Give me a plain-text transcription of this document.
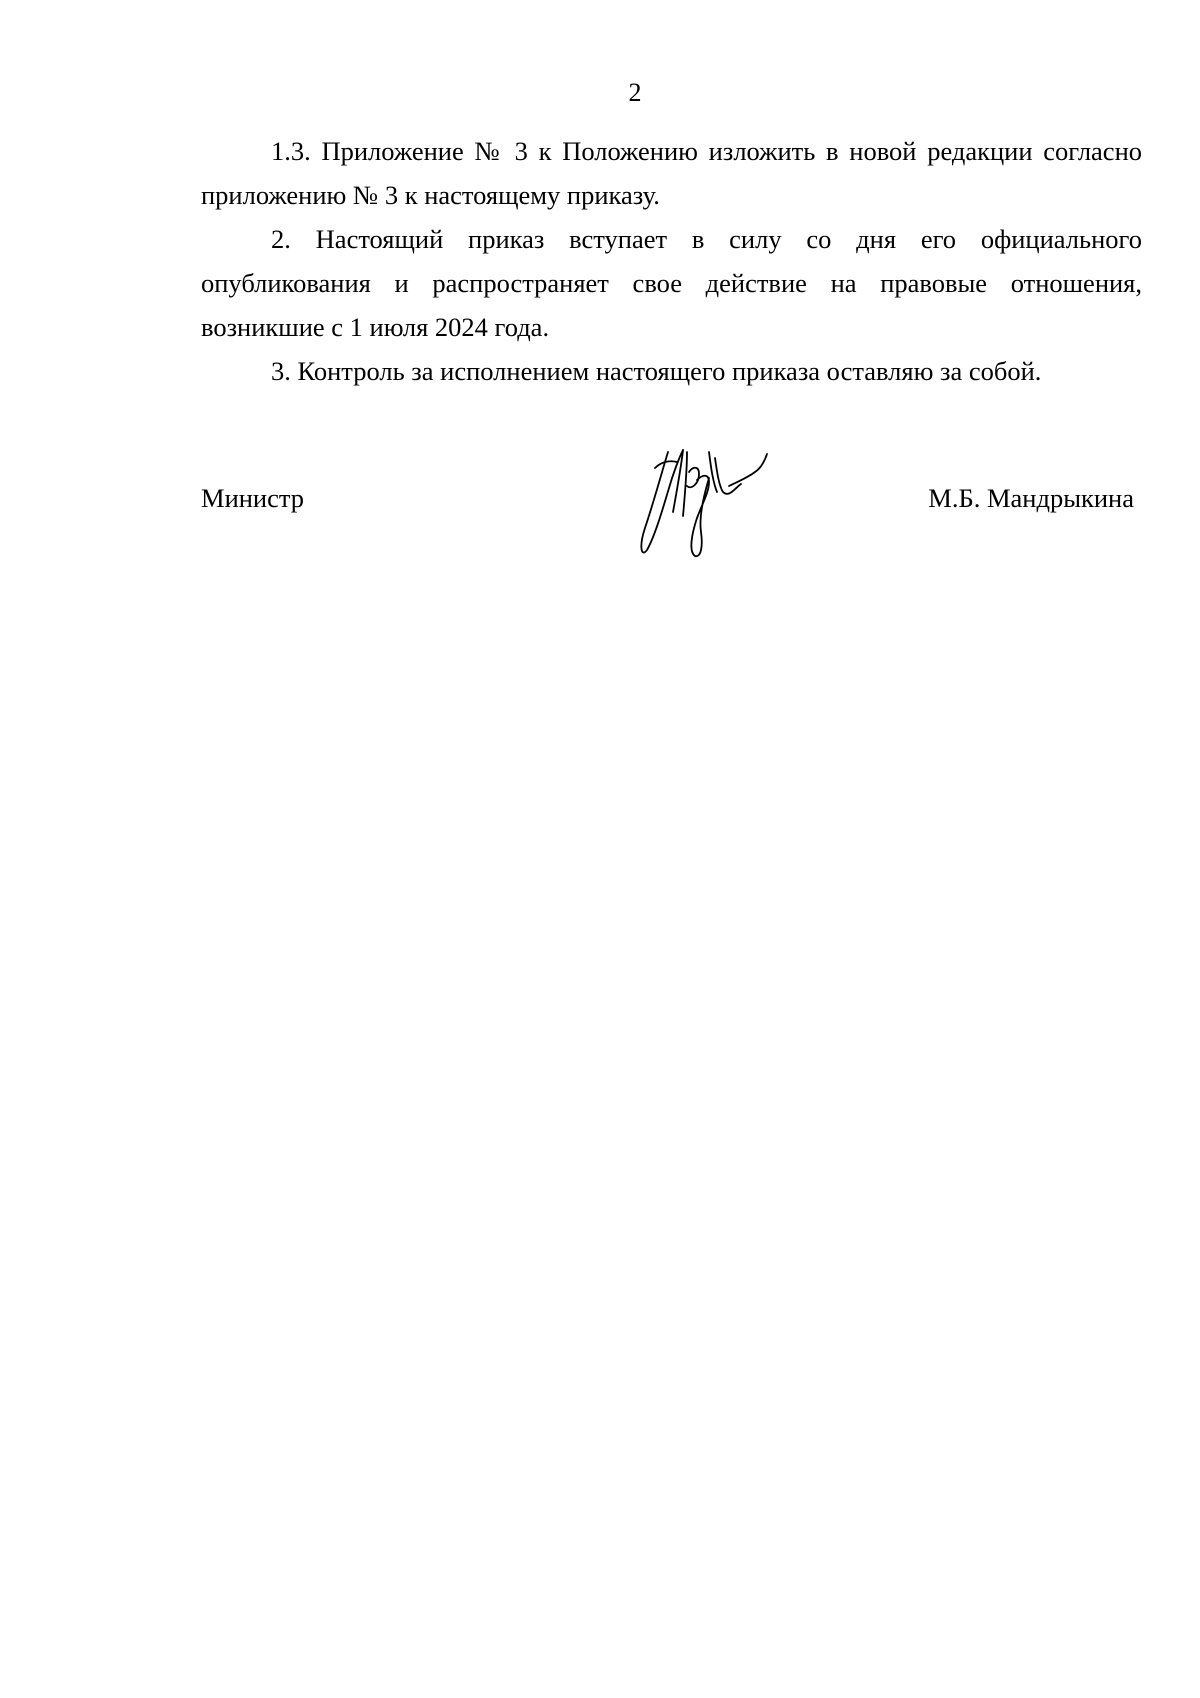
2

1.3. Приложение № 3 к Положению изложить в новой редакции согласно приложению № 3 к настоящему приказу.

2. Настоящий приказ вступает в силу со дня его официального опубликования и распространяет свое действие на правовые отношения, возникшие с 1 июля 2024 года.

3. Контроль за исполнением настоящего приказа оставляю за собой.

Министр	М.Б. Мандрыкина
